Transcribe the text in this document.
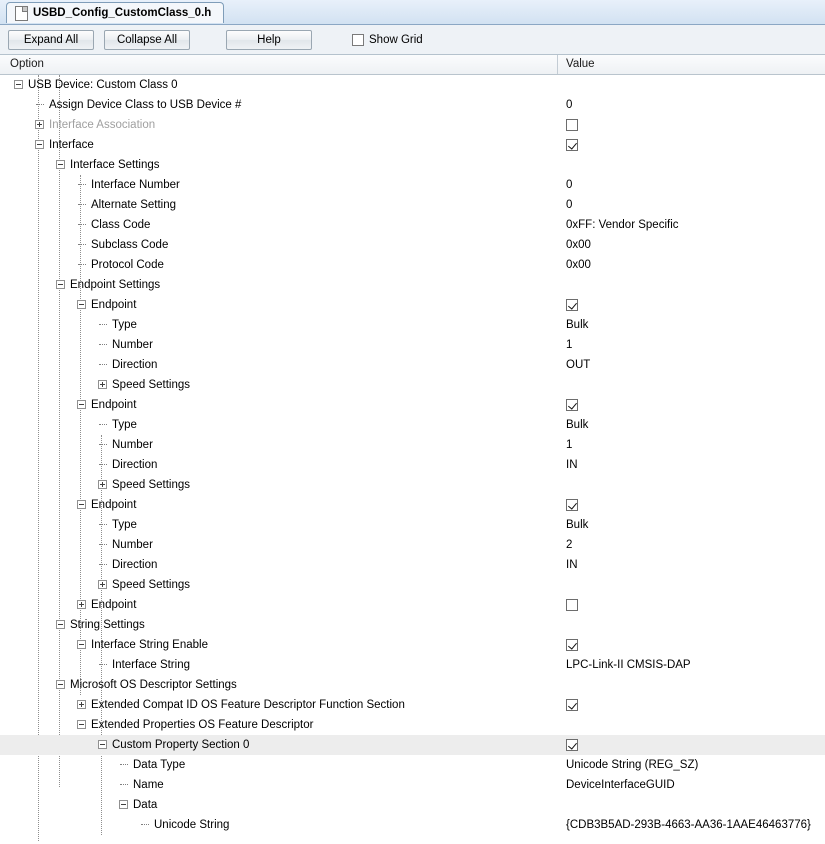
USBD_Config_CustomClass_0.h
Expand All	Collapse All	Help	Show Grid
Option	Value
USB Device: Custom Class 0
Assign Device Class to USB Device #	0
Interface Association
Interface
Interface Settings
Interface Number	0
Alternate Setting	0
Class Code	0xFF: Vendor Specific
Subclass Code	0x00
Protocol Code	0x00
Endpoint Settings
Endpoint
Type	Bulk
Number	1
Direction	OUT
Speed Settings
Endpoint
Type	Bulk
Number	1
Direction	IN
Speed Settings
Endpoint
Type	Bulk
Number	2
Direction	IN
Speed Settings
Endpoint
String Settings
Interface String Enable
Interface String	LPC-Link-II CMSIS-DAP
Microsoft OS Descriptor Settings
Extended Compat ID OS Feature Descriptor Function Section
Extended Properties OS Feature Descriptor
Custom Property Section 0
Data Type	Unicode String (REG_SZ)
Name	DeviceInterfaceGUID
Data
Unicode String	{CDB3B5AD-293B-4663-AA36-1AAE46463776}
